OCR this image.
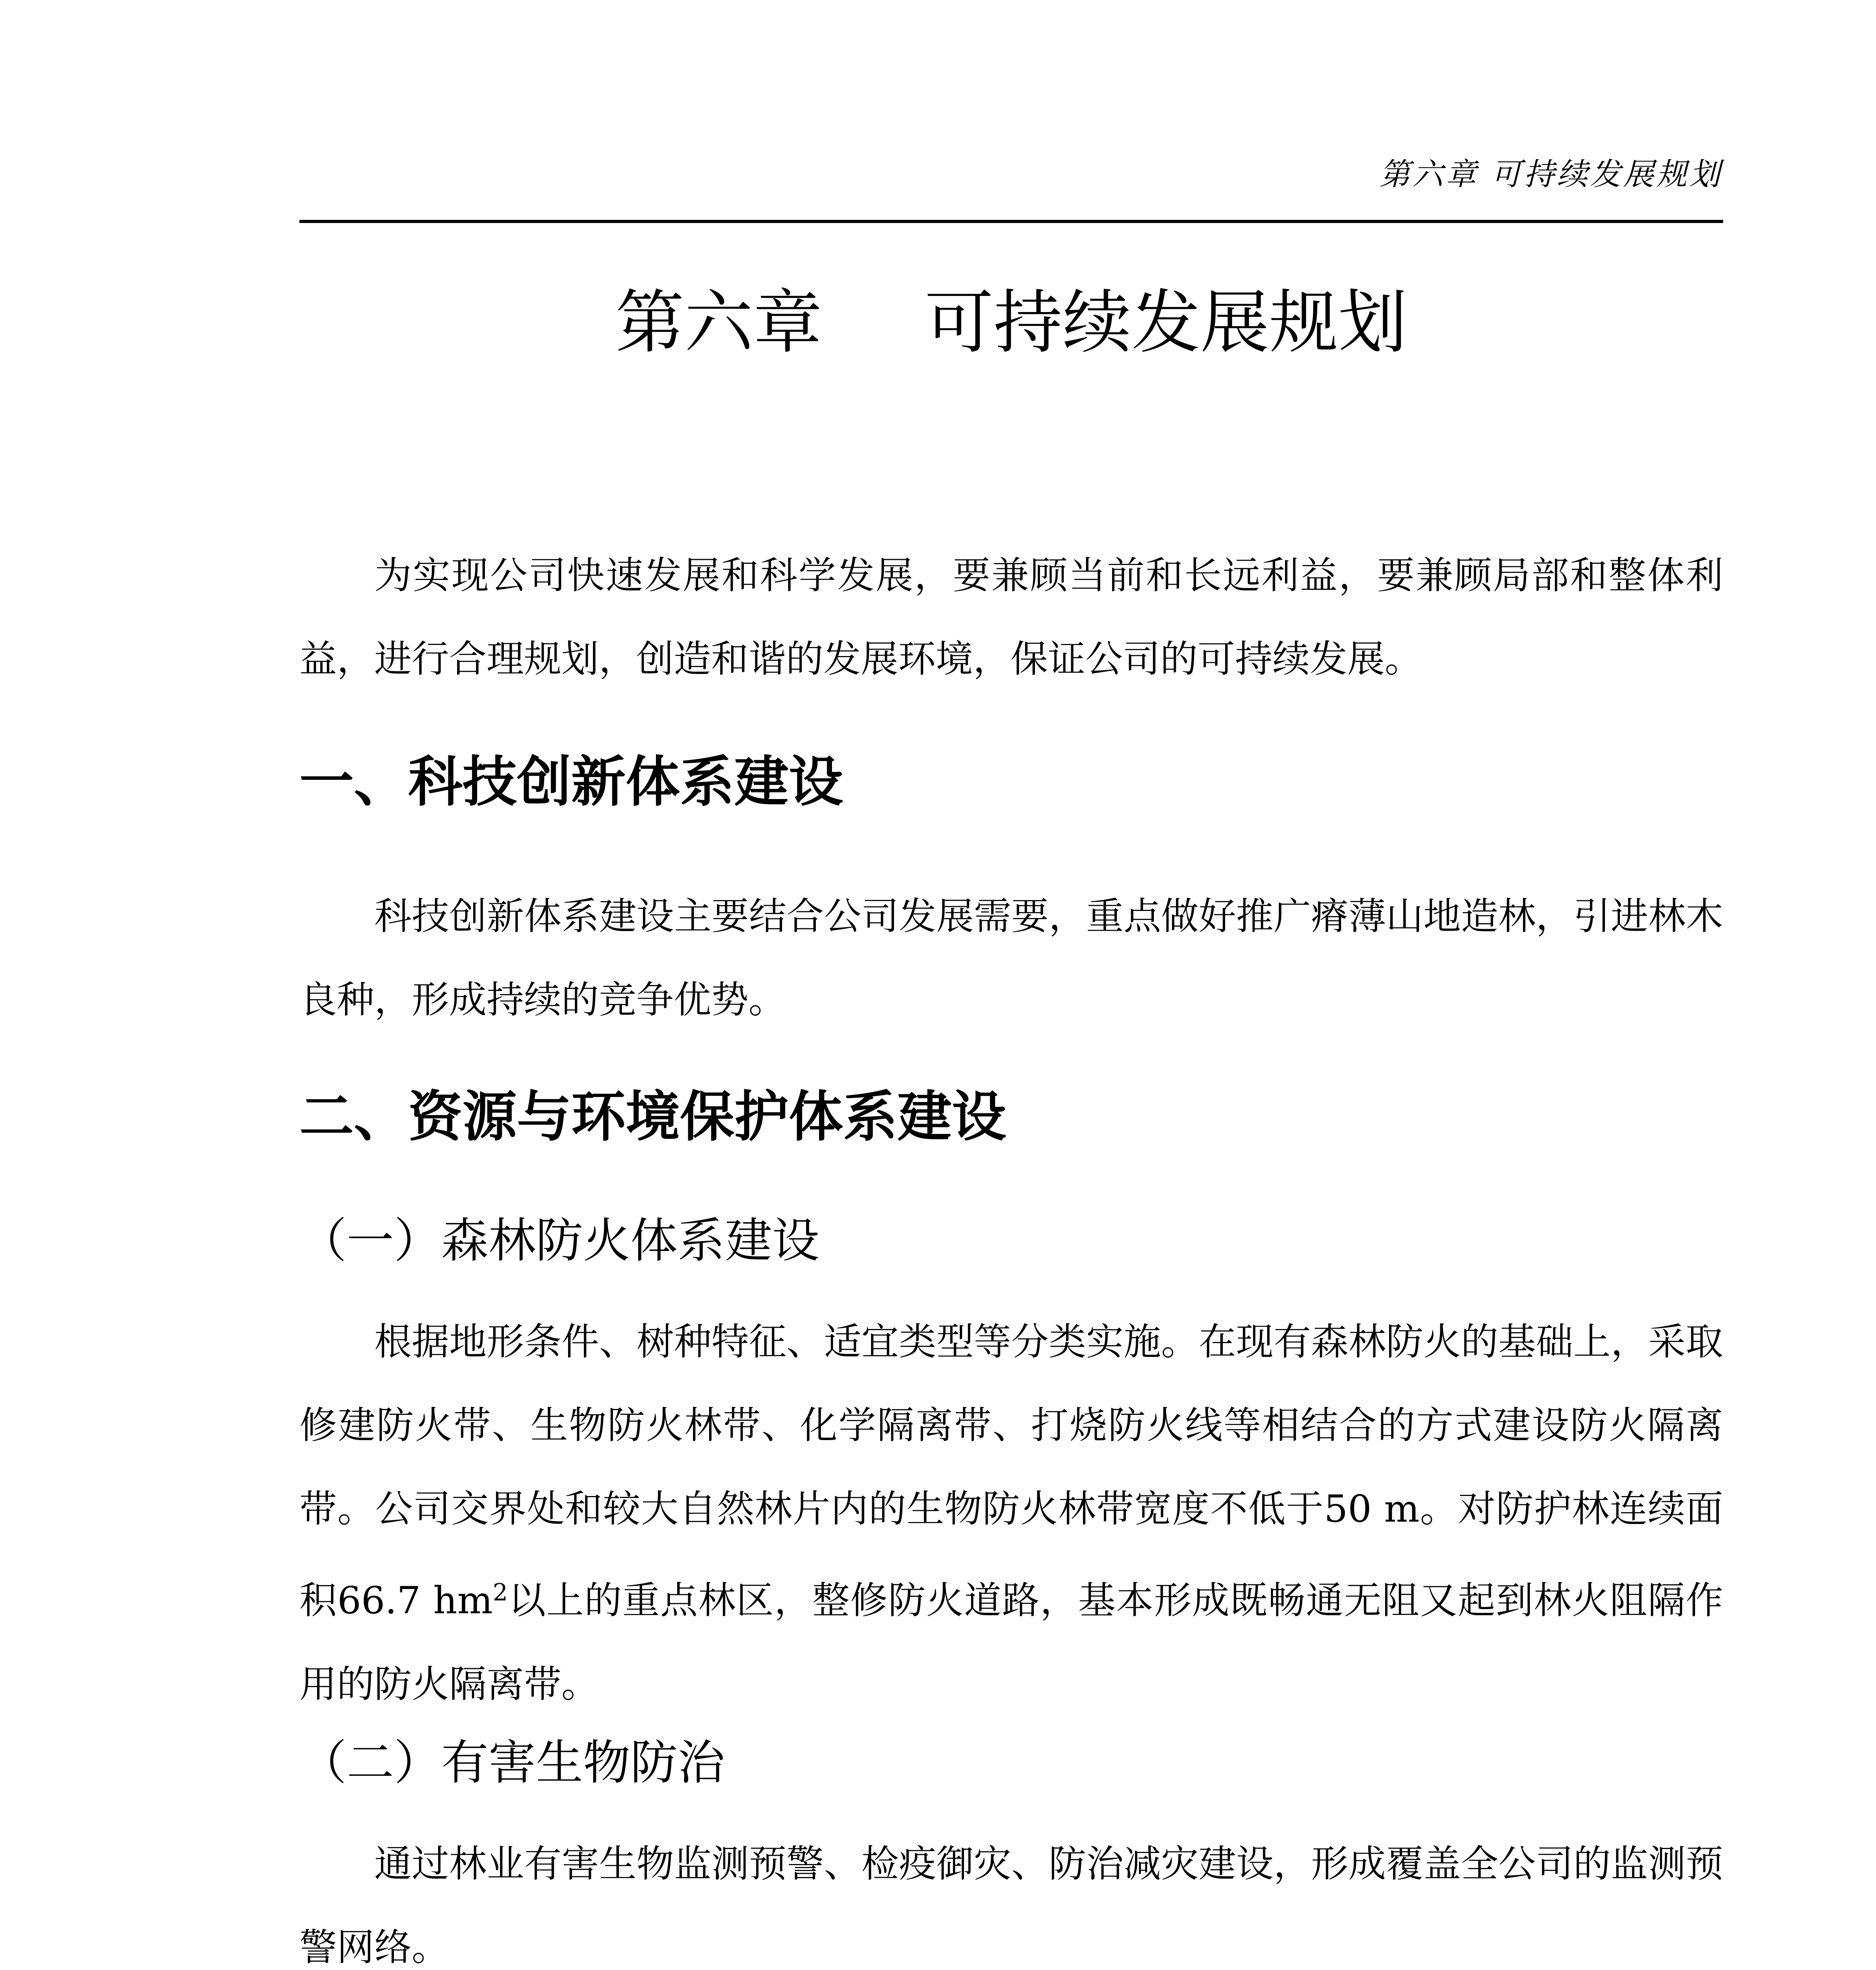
第六章 可持续发展规划
第六章 可持续发展规划

为实现公司快速发展和科学发展，要兼顾当前和长远利益，要兼顾局部和整体利益，进行合理规划，创造和谐的发展环境，保证公司的可持续发展。

一、科技创新体系建设

科技创新体系建设主要结合公司发展需要，重点做好推广瘠薄山地造林，引进林木良种，形成持续的竞争优势。

二、资源与环境保护体系建设
（一）森林防火体系建设

根据地形条件、树种特征、适宜类型等分类实施。在现有森林防火的基础上，采取修建防火带、生物防火林带、化学隔离带、打烧防火线等相结合的方式建设防火隔离带。公司交界处和较大自然林片内的生物防火林带宽度不低于50 m。对防护林连续面积66.7 $hm^2$以上的重点林区，整修防火道路，基本形成既畅通无阻又起到林火阻隔作用的防火隔离带。

（二）有害生物防治

通过林业有害生物监测预警、检疫御灾、防治减灾建设，形成覆盖全公司的监测预警网络。
